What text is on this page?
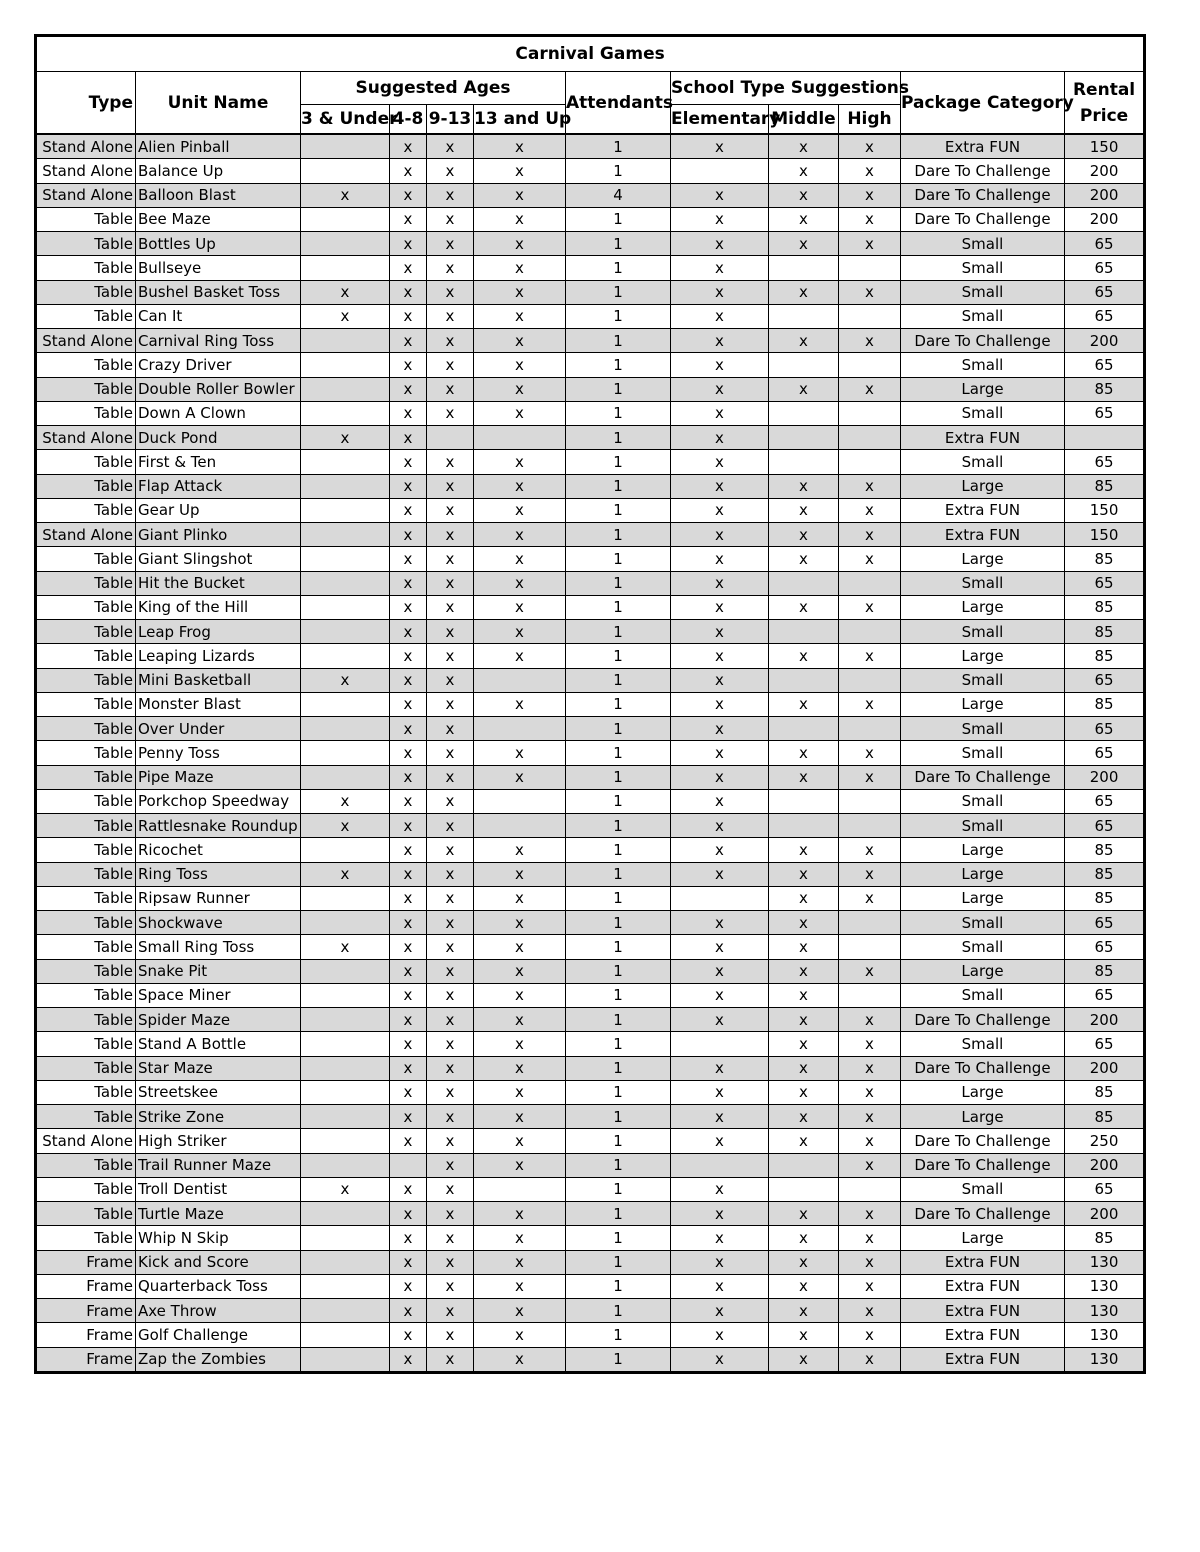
Carnival Games											
Type	Unit Name	Suggested Ages				Attendants	School Type Suggestions			Package Category	Rental Price
		3 & Under	4-8	9-13	13 and Up		Elementary	Middle	High		
Stand Alone	Alien Pinball		x	x	x	1	x	x	x	Extra FUN	150
Stand Alone	Balance Up		x	x	x	1		x	x	Dare To Challenge	200
Stand Alone	Balloon Blast	x	x	x	x	4	x	x	x	Dare To Challenge	200
Table	Bee Maze		x	x	x	1	x	x	x	Dare To Challenge	200
Table	Bottles Up		x	x	x	1	x	x	x	Small	65
Table	Bullseye		x	x	x	1	x			Small	65
Table	Bushel Basket Toss	x	x	x	x	1	x	x	x	Small	65
Table	Can It	x	x	x	x	1	x			Small	65
Stand Alone	Carnival Ring Toss		x	x	x	1	x	x	x	Dare To Challenge	200
Table	Crazy Driver		x	x	x	1	x			Small	65
Table	Double Roller Bowler		x	x	x	1	x	x	x	Large	85
Table	Down A Clown		x	x	x	1	x			Small	65
Stand Alone	Duck Pond	x	x			1	x			Extra FUN	
Table	First & Ten		x	x	x	1	x			Small	65
Table	Flap Attack		x	x	x	1	x	x	x	Large	85
Table	Gear Up		x	x	x	1	x	x	x	Extra FUN	150
Stand Alone	Giant Plinko		x	x	x	1	x	x	x	Extra FUN	150
Table	Giant Slingshot		x	x	x	1	x	x	x	Large	85
Table	Hit the Bucket		x	x	x	1	x			Small	65
Table	King of the Hill		x	x	x	1	x	x	x	Large	85
Table	Leap Frog		x	x	x	1	x			Small	85
Table	Leaping Lizards		x	x	x	1	x	x	x	Large	85
Table	Mini Basketball	x	x	x		1	x			Small	65
Table	Monster Blast		x	x	x	1	x	x	x	Large	85
Table	Over Under		x	x		1	x			Small	65
Table	Penny Toss		x	x	x	1	x	x	x	Small	65
Table	Pipe Maze		x	x	x	1	x	x	x	Dare To Challenge	200
Table	Porkchop Speedway	x	x	x		1	x			Small	65
Table	Rattlesnake Roundup	x	x	x		1	x			Small	65
Table	Ricochet		x	x	x	1	x	x	x	Large	85
Table	Ring Toss	x	x	x	x	1	x	x	x	Large	85
Table	Ripsaw Runner		x	x	x	1		x	x	Large	85
Table	Shockwave		x	x	x	1	x	x		Small	65
Table	Small Ring Toss	x	x	x	x	1	x	x		Small	65
Table	Snake Pit		x	x	x	1	x	x	x	Large	85
Table	Space Miner		x	x	x	1	x	x		Small	65
Table	Spider Maze		x	x	x	1	x	x	x	Dare To Challenge	200
Table	Stand A Bottle		x	x	x	1		x	x	Small	65
Table	Star Maze		x	x	x	1	x	x	x	Dare To Challenge	200
Table	Streetskee		x	x	x	1	x	x	x	Large	85
Table	Strike Zone		x	x	x	1	x	x	x	Large	85
Stand Alone	High Striker		x	x	x	1	x	x	x	Dare To Challenge	250
Table	Trail Runner Maze			x	x	1			x	Dare To Challenge	200
Table	Troll Dentist	x	x	x		1	x			Small	65
Table	Turtle Maze		x	x	x	1	x	x	x	Dare To Challenge	200
Table	Whip N Skip		x	x	x	1	x	x	x	Large	85
Frame	Kick and Score		x	x	x	1	x	x	x	Extra FUN	130
Frame	Quarterback Toss		x	x	x	1	x	x	x	Extra FUN	130
Frame	Axe Throw		x	x	x	1	x	x	x	Extra FUN	130
Frame	Golf Challenge		x	x	x	1	x	x	x	Extra FUN	130
Frame	Zap the Zombies		x	x	x	1	x	x	x	Extra FUN	130
